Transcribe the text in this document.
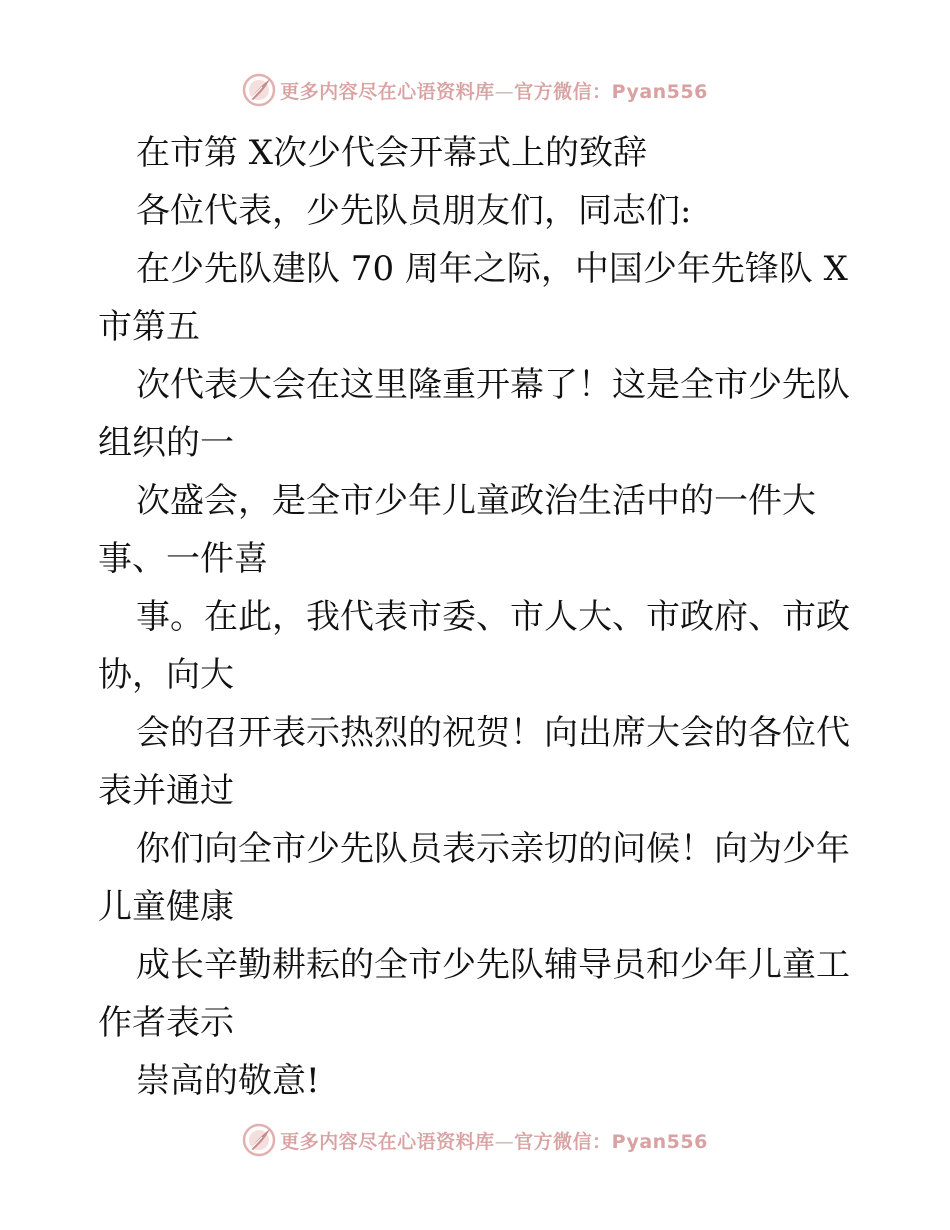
更多内容尽在心语资料库—官方微信：Pyan556

在市第 X次少代会开幕式上的致辞

各位代表，少先队员朋友们，同志们:

在少先队建队 70 周年之际，中国少年先锋队 X

市第五

次代表大会在这里隆重开幕了！这是全市少先队

组织的一

次盛会，是全市少年儿童政治生活中的一件大

事、一件喜

事。在此，我代表市委、市人大、市政府、市政

协，向大

会的召开表示热烈的祝贺！向出席大会的各位代

表并通过

你们向全市少先队员表示亲切的问候！向为少年

儿童健康

成长辛勤耕耘的全市少先队辅导员和少年儿童工

作者表示

崇高的敬意!

更多内容尽在心语资料库—官方微信：Pyan556
